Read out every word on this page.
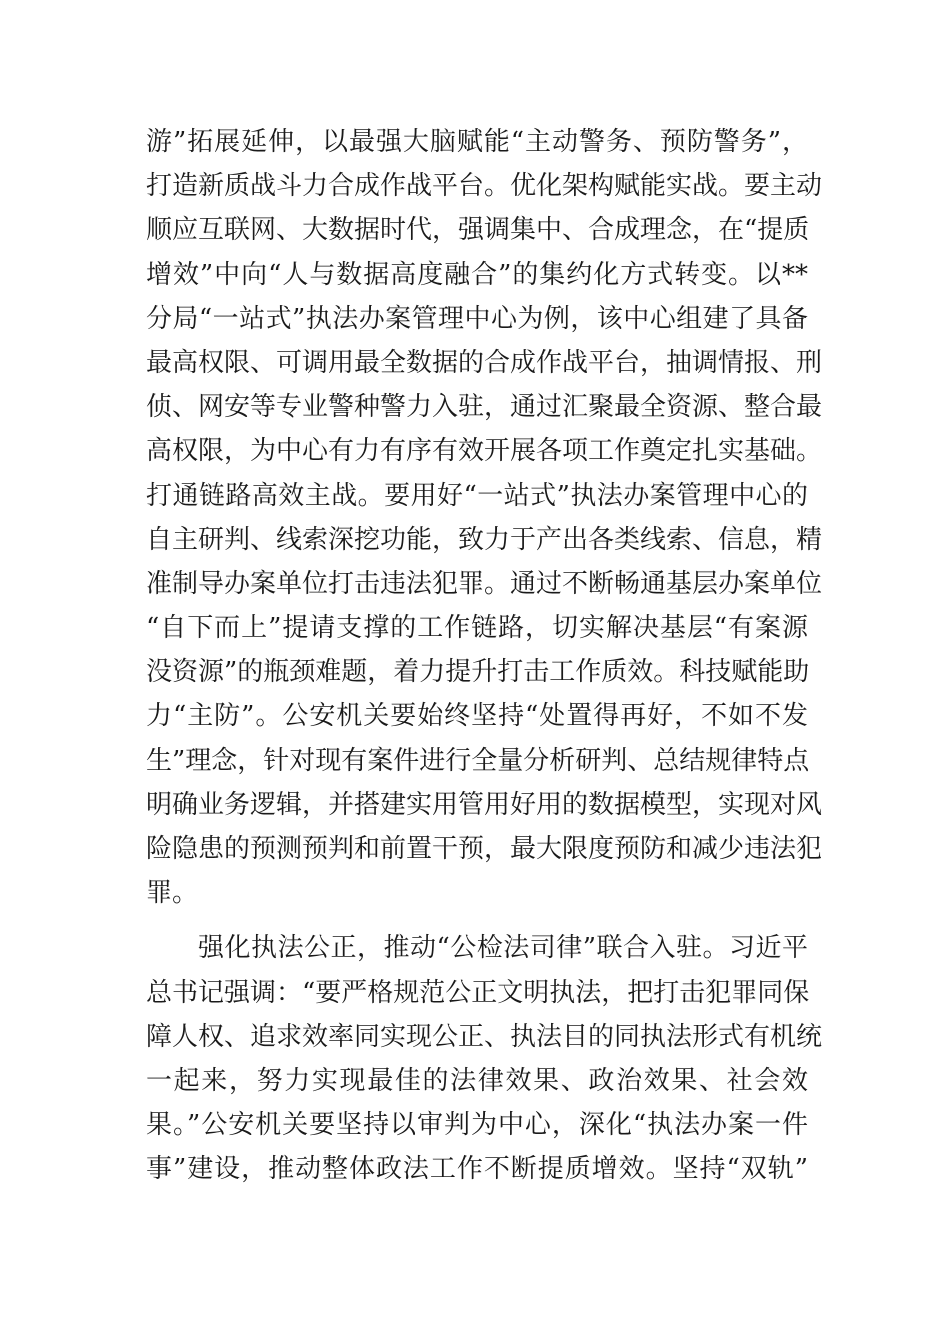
游”拓展延伸，以最强大脑赋能“主动警务、预防警务”，
打造新质战斗力合成作战平台。优化架构赋能实战。要主动
顺应互联网、大数据时代，强调集中、合成理念，在“提质
增效”中向“人与数据高度融合”的集约化方式转变。以**
分局“一站式”执法办案管理中心为例，该中心组建了具备
最高权限、可调用最全数据的合成作战平台，抽调情报、刑
侦、网安等专业警种警力入驻，通过汇聚最全资源、整合最
高权限，为中心有力有序有效开展各项工作奠定扎实基础。
打通链路高效主战。要用好“一站式”执法办案管理中心的
自主研判、线索深挖功能，致力于产出各类线索、信息，精
准制导办案单位打击违法犯罪。通过不断畅通基层办案单位
“自下而上”提请支撑的工作链路，切实解决基层“有案源
没资源”的瓶颈难题，着力提升打击工作质效。科技赋能助
力“主防”。公安机关要始终坚持“处置得再好，不如不发
生”理念，针对现有案件进行全量分析研判、总结规律特点
明确业务逻辑，并搭建实用管用好用的数据模型，实现对风
险隐患的预测预判和前置干预，最大限度预防和减少违法犯
罪。
强化执法公正，推动“公检法司律”联合入驻。习近平
总书记强调：“要严格规范公正文明执法，把打击犯罪同保
障人权、追求效率同实现公正、执法目的同执法形式有机统
一起来，努力实现最佳的法律效果、政治效果、社会效
果。”公安机关要坚持以审判为中心，深化“执法办案一件
事”建设，推动整体政法工作不断提质增效。坚持“双轨”
